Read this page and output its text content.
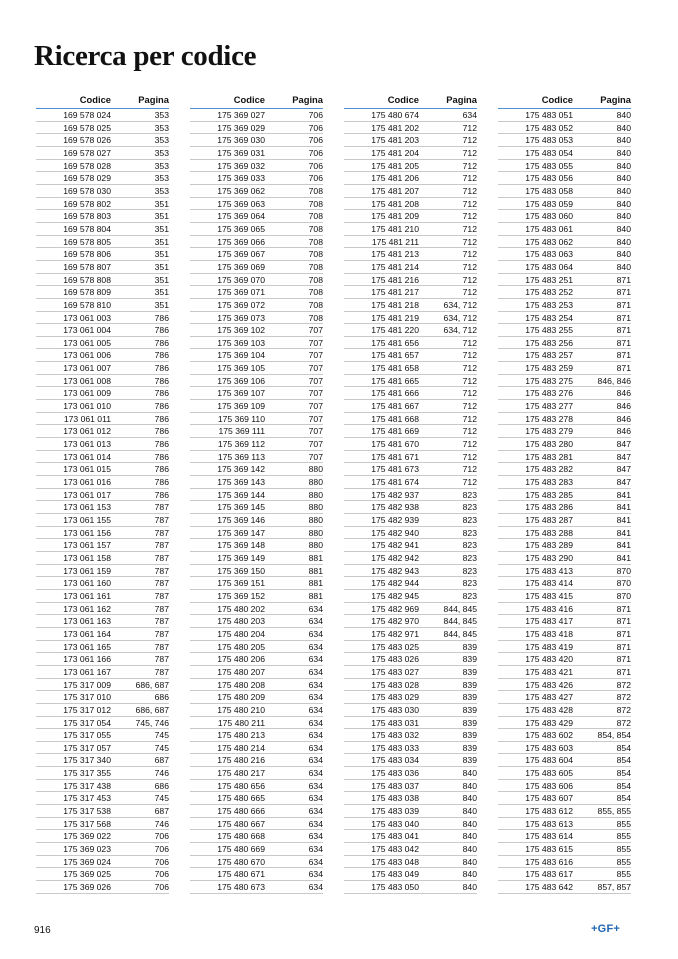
Ricerca per codice
Codice	Pagina
169 578 024	353
169 578 025	353
169 578 026	353
169 578 027	353
169 578 028	353
169 578 029	353
169 578 030	353
169 578 802	351
169 578 803	351
169 578 804	351
169 578 805	351
169 578 806	351
169 578 807	351
169 578 808	351
169 578 809	351
169 578 810	351
173 061 003	786
173 061 004	786
173 061 005	786
173 061 006	786
173 061 007	786
173 061 008	786
173 061 009	786
173 061 010	786
173 061 011	786
173 061 012	786
173 061 013	786
173 061 014	786
173 061 015	786
173 061 016	786
173 061 017	786
173 061 153	787
173 061 155	787
173 061 156	787
173 061 157	787
173 061 158	787
173 061 159	787
173 061 160	787
173 061 161	787
173 061 162	787
173 061 163	787
173 061 164	787
173 061 165	787
173 061 166	787
173 061 167	787
175 317 009	686, 687
175 317 010	686
175 317 012	686, 687
175 317 054	745, 746
175 317 055	745
175 317 057	745
175 317 340	687
175 317 355	746
175 317 438	686
175 317 453	745
175 317 538	687
175 317 568	746
175 369 022	706
175 369 023	706
175 369 024	706
175 369 025	706
175 369 026	706
Codice	Pagina
175 369 027	706
175 369 029	706
175 369 030	706
175 369 031	706
175 369 032	706
175 369 033	706
175 369 062	708
175 369 063	708
175 369 064	708
175 369 065	708
175 369 066	708
175 369 067	708
175 369 069	708
175 369 070	708
175 369 071	708
175 369 072	708
175 369 073	708
175 369 102	707
175 369 103	707
175 369 104	707
175 369 105	707
175 369 106	707
175 369 107	707
175 369 109	707
175 369 110	707
175 369 111	707
175 369 112	707
175 369 113	707
175 369 142	880
175 369 143	880
175 369 144	880
175 369 145	880
175 369 146	880
175 369 147	880
175 369 148	880
175 369 149	881
175 369 150	881
175 369 151	881
175 369 152	881
175 480 202	634
175 480 203	634
175 480 204	634
175 480 205	634
175 480 206	634
175 480 207	634
175 480 208	634
175 480 209	634
175 480 210	634
175 480 211	634
175 480 213	634
175 480 214	634
175 480 216	634
175 480 217	634
175 480 656	634
175 480 665	634
175 480 666	634
175 480 667	634
175 480 668	634
175 480 669	634
175 480 670	634
175 480 671	634
175 480 673	634
Codice	Pagina
175 480 674	634
175 481 202	712
175 481 203	712
175 481 204	712
175 481 205	712
175 481 206	712
175 481 207	712
175 481 208	712
175 481 209	712
175 481 210	712
175 481 211	712
175 481 213	712
175 481 214	712
175 481 216	712
175 481 217	712
175 481 218	634, 712
175 481 219	634, 712
175 481 220	634, 712
175 481 656	712
175 481 657	712
175 481 658	712
175 481 665	712
175 481 666	712
175 481 667	712
175 481 668	712
175 481 669	712
175 481 670	712
175 481 671	712
175 481 673	712
175 481 674	712
175 482 937	823
175 482 938	823
175 482 939	823
175 482 940	823
175 482 941	823
175 482 942	823
175 482 943	823
175 482 944	823
175 482 945	823
175 482 969	844, 845
175 482 970	844, 845
175 482 971	844, 845
175 483 025	839
175 483 026	839
175 483 027	839
175 483 028	839
175 483 029	839
175 483 030	839
175 483 031	839
175 483 032	839
175 483 033	839
175 483 034	839
175 483 036	840
175 483 037	840
175 483 038	840
175 483 039	840
175 483 040	840
175 483 041	840
175 483 042	840
175 483 048	840
175 483 049	840
175 483 050	840
Codice	Pagina
175 483 051	840
175 483 052	840
175 483 053	840
175 483 054	840
175 483 055	840
175 483 056	840
175 483 058	840
175 483 059	840
175 483 060	840
175 483 061	840
175 483 062	840
175 483 063	840
175 483 064	840
175 483 251	871
175 483 252	871
175 483 253	871
175 483 254	871
175 483 255	871
175 483 256	871
175 483 257	871
175 483 259	871
175 483 275	846, 846
175 483 276	846
175 483 277	846
175 483 278	846
175 483 279	846
175 483 280	847
175 483 281	847
175 483 282	847
175 483 283	847
175 483 285	841
175 483 286	841
175 483 287	841
175 483 288	841
175 483 289	841
175 483 290	841
175 483 413	870
175 483 414	870
175 483 415	870
175 483 416	871
175 483 417	871
175 483 418	871
175 483 419	871
175 483 420	871
175 483 421	871
175 483 426	872
175 483 427	872
175 483 428	872
175 483 429	872
175 483 602	854, 854
175 483 603	854
175 483 604	854
175 483 605	854
175 483 606	854
175 483 607	854
175 483 612	855, 855
175 483 613	855
175 483 614	855
175 483 615	855
175 483 616	855
175 483 617	855
175 483 642	857, 857
916	+GF+
